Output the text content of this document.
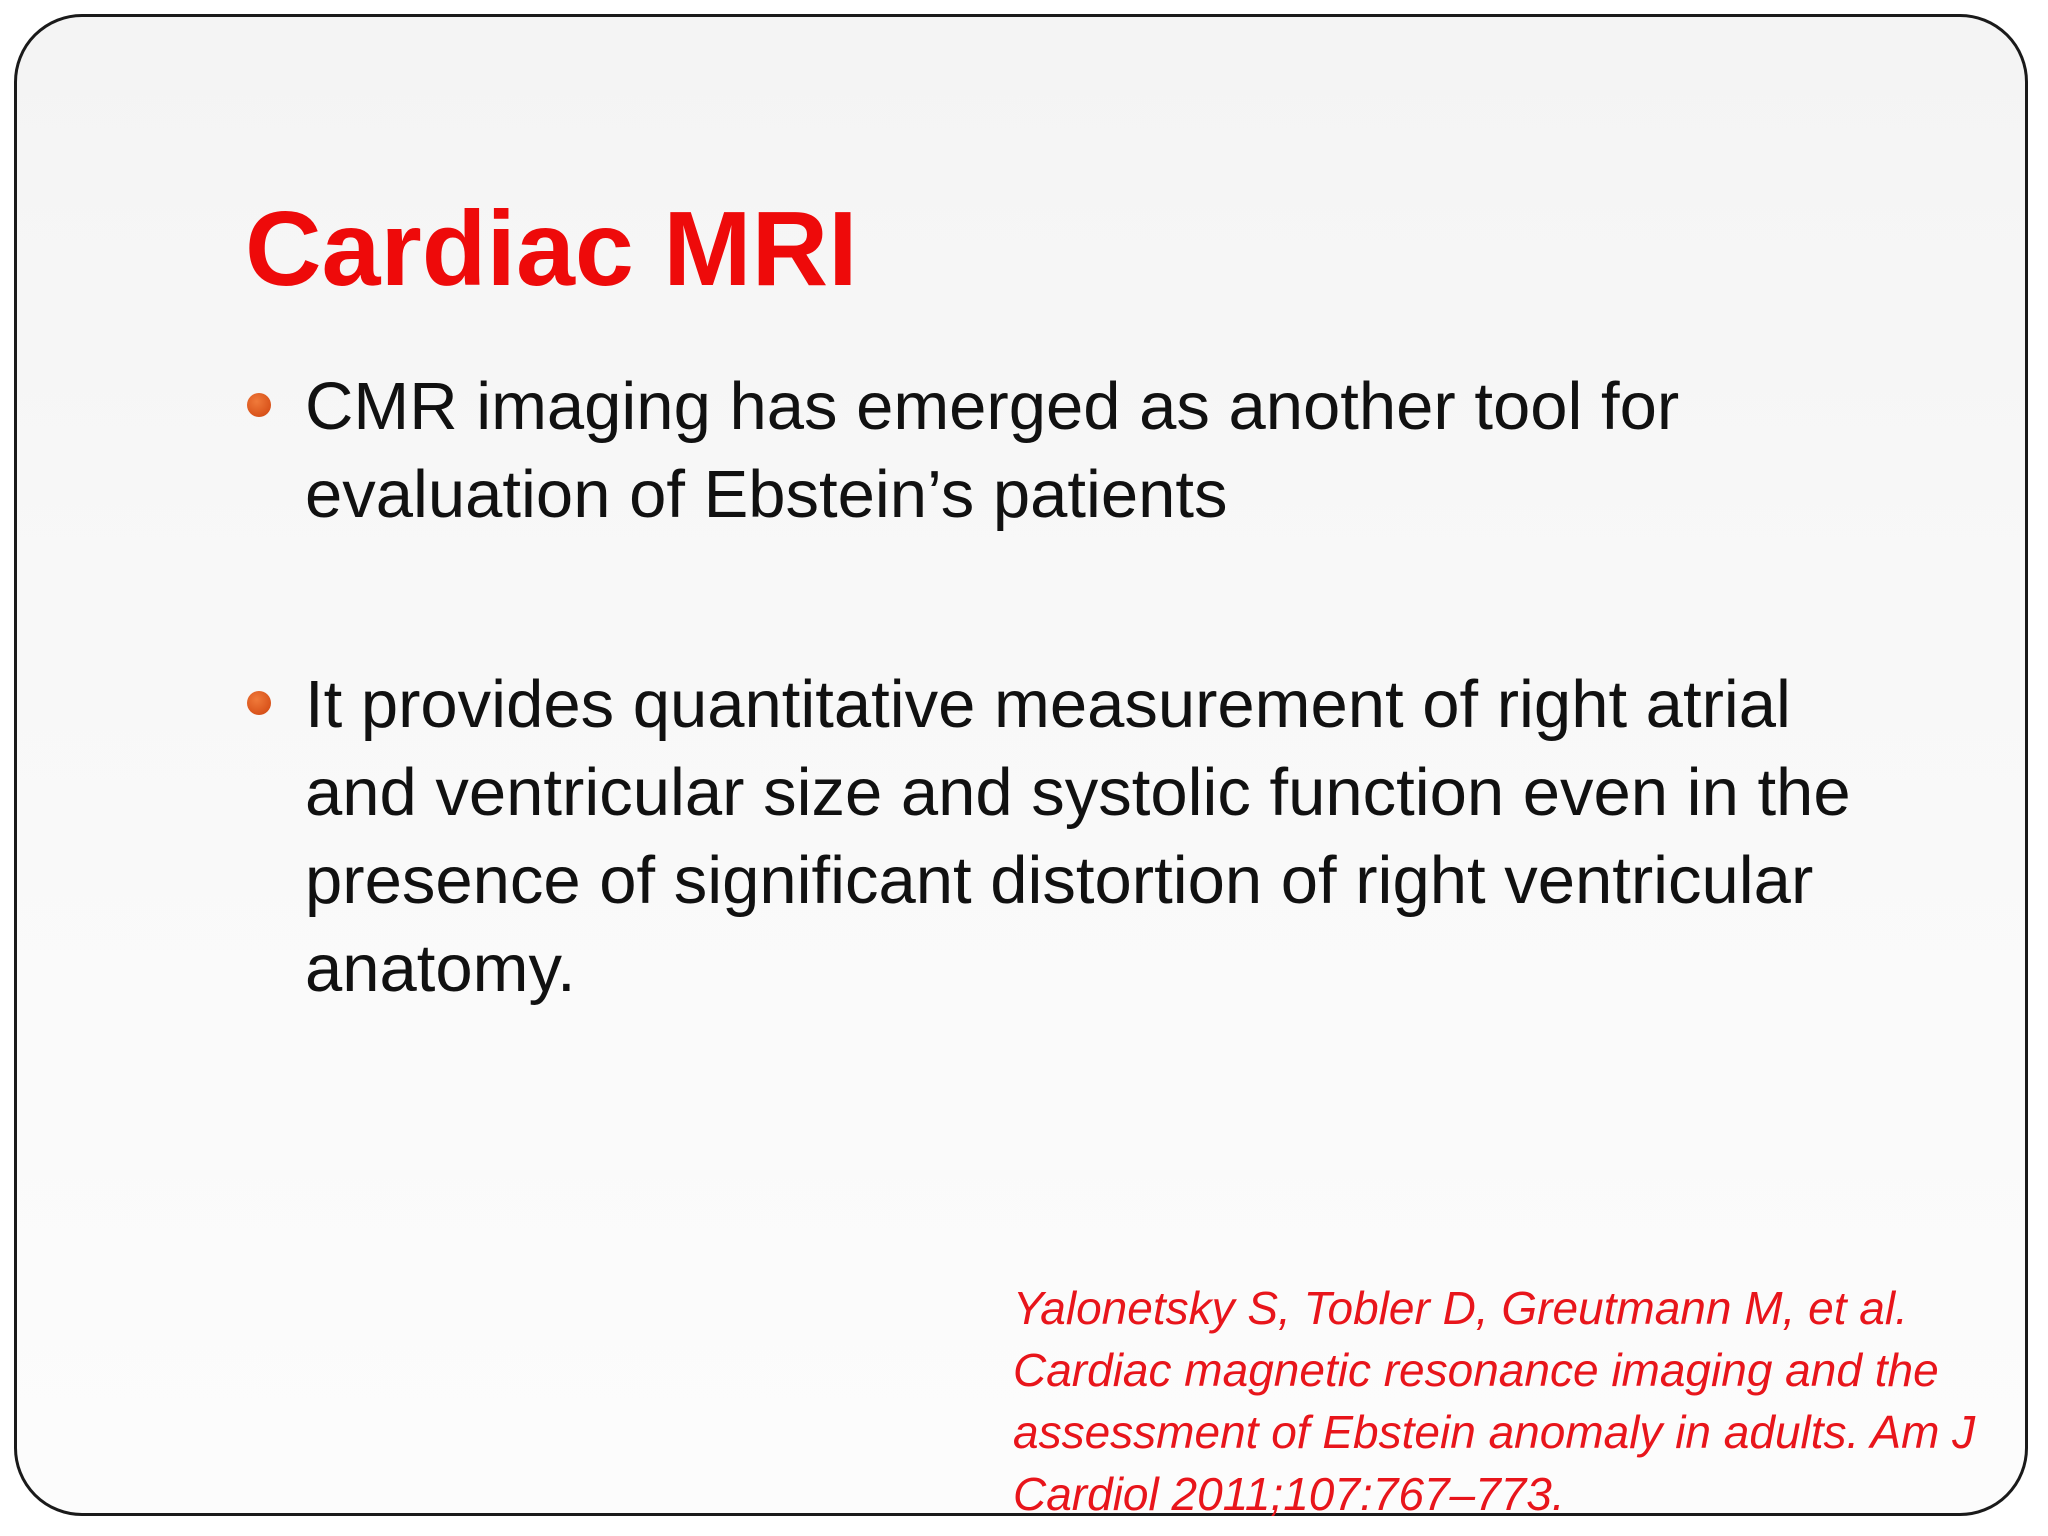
Cardiac MRI

CMR imaging has emerged as another tool for evaluation of Ebstein’s patients

It provides quantitative measurement of right atrial and ventricular size and systolic function even in the presence of significant distortion of right ventricular anatomy.

Yalonetsky S, Tobler D, Greutmann M, et al. Cardiac magnetic resonance imaging and the assessment of Ebstein anomaly in adults. Am J Cardiol 2011;107:767–773.
